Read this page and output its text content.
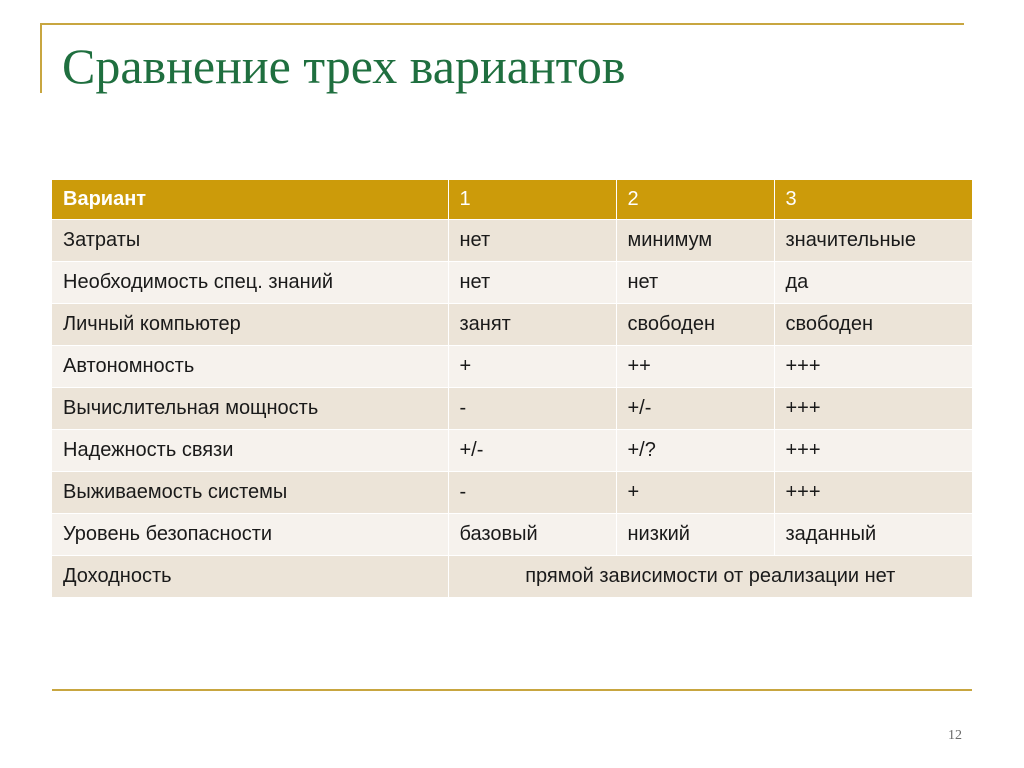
Сравнение трех вариантов
Вариант	1	2	3
Затраты	нет	минимум	значительные
Необходимость спец. знаний	нет	нет	да
Личный компьютер	занят	свободен	свободен
Автономность	+	++	+++
Вычислительная мощность	-	+/-	+++
Надежность связи	+/-	+/?	+++
Выживаемость системы	-	+	+++
Уровень безопасности	базовый	низкий	заданный
Доходность	прямой зависимости от реализации нет		
12
